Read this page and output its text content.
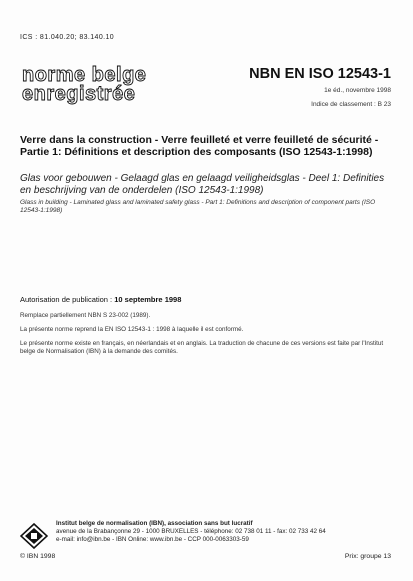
ICS : 81.040.20; 83.140.10
norme belge
enregistrée
NBN EN ISO 12543-1
1e éd., novembre 1998
Indice de classement : B 23
Verre dans la construction - Verre feuilleté et verre feuilleté de sécurité - Partie 1: Définitions et description des composants (ISO 12543-1:1998)
Glas voor gebouwen - Gelaagd glas en gelaagd veiligheidsglas - Deel 1: Definities en beschrijving van de onderdelen (ISO 12543-1:1998)
Glass in building - Laminated glass and laminated safety glass - Part 1: Definitions and description of component parts (ISO 12543-1:1998)
Autorisation de publication : 10 septembre 1998
Remplace partiellement NBN S 23-002 (1989).
La présente norme reprend la EN ISO 12543-1 : 1998 à laquelle il est conformé.
Le présente norme existe en français, en néerlandais et en anglais. La traduction de chacune de ces versions est faite par l'Institut belge de Normalisation (IBN) à la demande des comités.
Institut belge de normalisation (IBN), association sans but lucratif
avenue de la Brabançonne 29 - 1000 BRUXELLES - téléphone: 02 738 01 11 - fax: 02 733 42 64
e-mail: info@ibn.be - IBN Online: www.ibn.be - CCP 000-0063303-59
© IBN 1998	Prix: groupe 13
